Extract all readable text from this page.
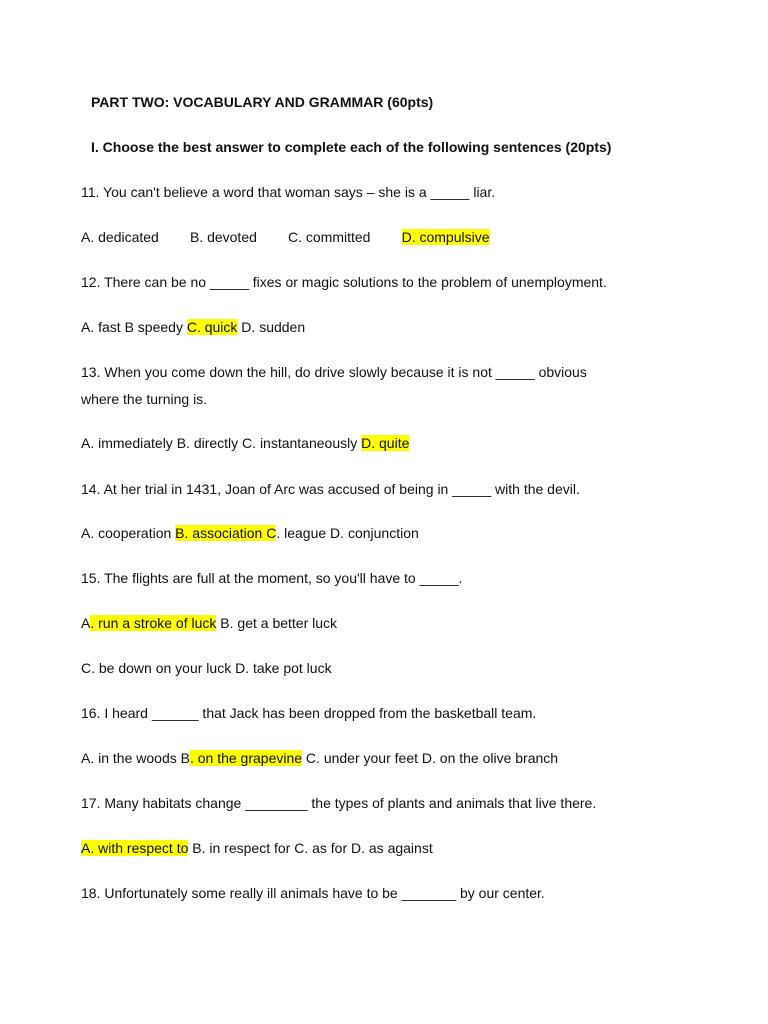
PART TWO: VOCABULARY AND GRAMMAR (60pts)
I. Choose the best answer to complete each of the following sentences (20pts)
11. You can't believe a word that woman says – she is a _____ liar.
A. dedicated        B. devoted        C. committed        D. compulsive
12. There can be no _____ fixes or magic solutions to the problem of unemployment.
A. fast B speedy C. quick D. sudden
13. When you come down the hill, do drive slowly because it is not _____ obvious
where the turning is.
A. immediately B. directly C. instantaneously D. quite
14. At her trial in 1431, Joan of Arc was accused of being in _____ with the devil.
A. cooperation B. association C. league D. conjunction
15. The flights are full at the moment, so you'll have to _____.
A. run a stroke of luck B. get a better luck
C. be down on your luck D. take pot luck
16. I heard ______ that Jack has been dropped from the basketball team.
A. in the woods B. on the grapevine C. under your feet D. on the olive branch
17. Many habitats change ________ the types of plants and animals that live there.
A. with respect to B. in respect for C. as for D. as against
18. Unfortunately some really ill animals have to be _______ by our center.
